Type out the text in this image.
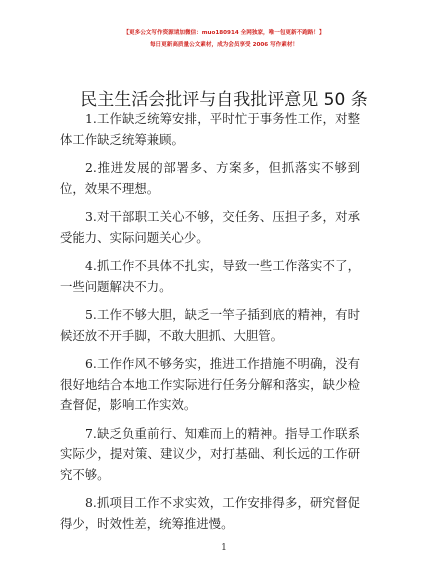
【更多公文写作资源请加微信：muo180914 全网独家，唯一包更新不跑路！】
每日更新高质量公文素材，成为会员享受 2006 写作素材！
民主生活会批评与自我批评意见 50 条
1.工作缺乏统筹安排，平时忙于事务性工作，对整体工作缺乏统筹兼顾。
2.推进发展的部署多、方案多，但抓落实不够到位，效果不理想。
3.对干部职工关心不够，交任务、压担子多，对承受能力、实际问题关心少。
4.抓工作不具体不扎实，导致一些工作落实不了，一些问题解决不力。
5.工作不够大胆，缺乏一竿子插到底的精神，有时候还放不开手脚，不敢大胆抓、大胆管。
6.工作作风不够务实，推进工作措施不明确，没有很好地结合本地工作实际进行任务分解和落实，缺少检查督促，影响工作实效。
7.缺乏负重前行、知难而上的精神。指导工作联系实际少，提对策、建议少，对打基础、利长远的工作研究不够。
8.抓项目工作不求实效，工作安排得多，研究督促得少，时效性差，统筹推进慢。
1
